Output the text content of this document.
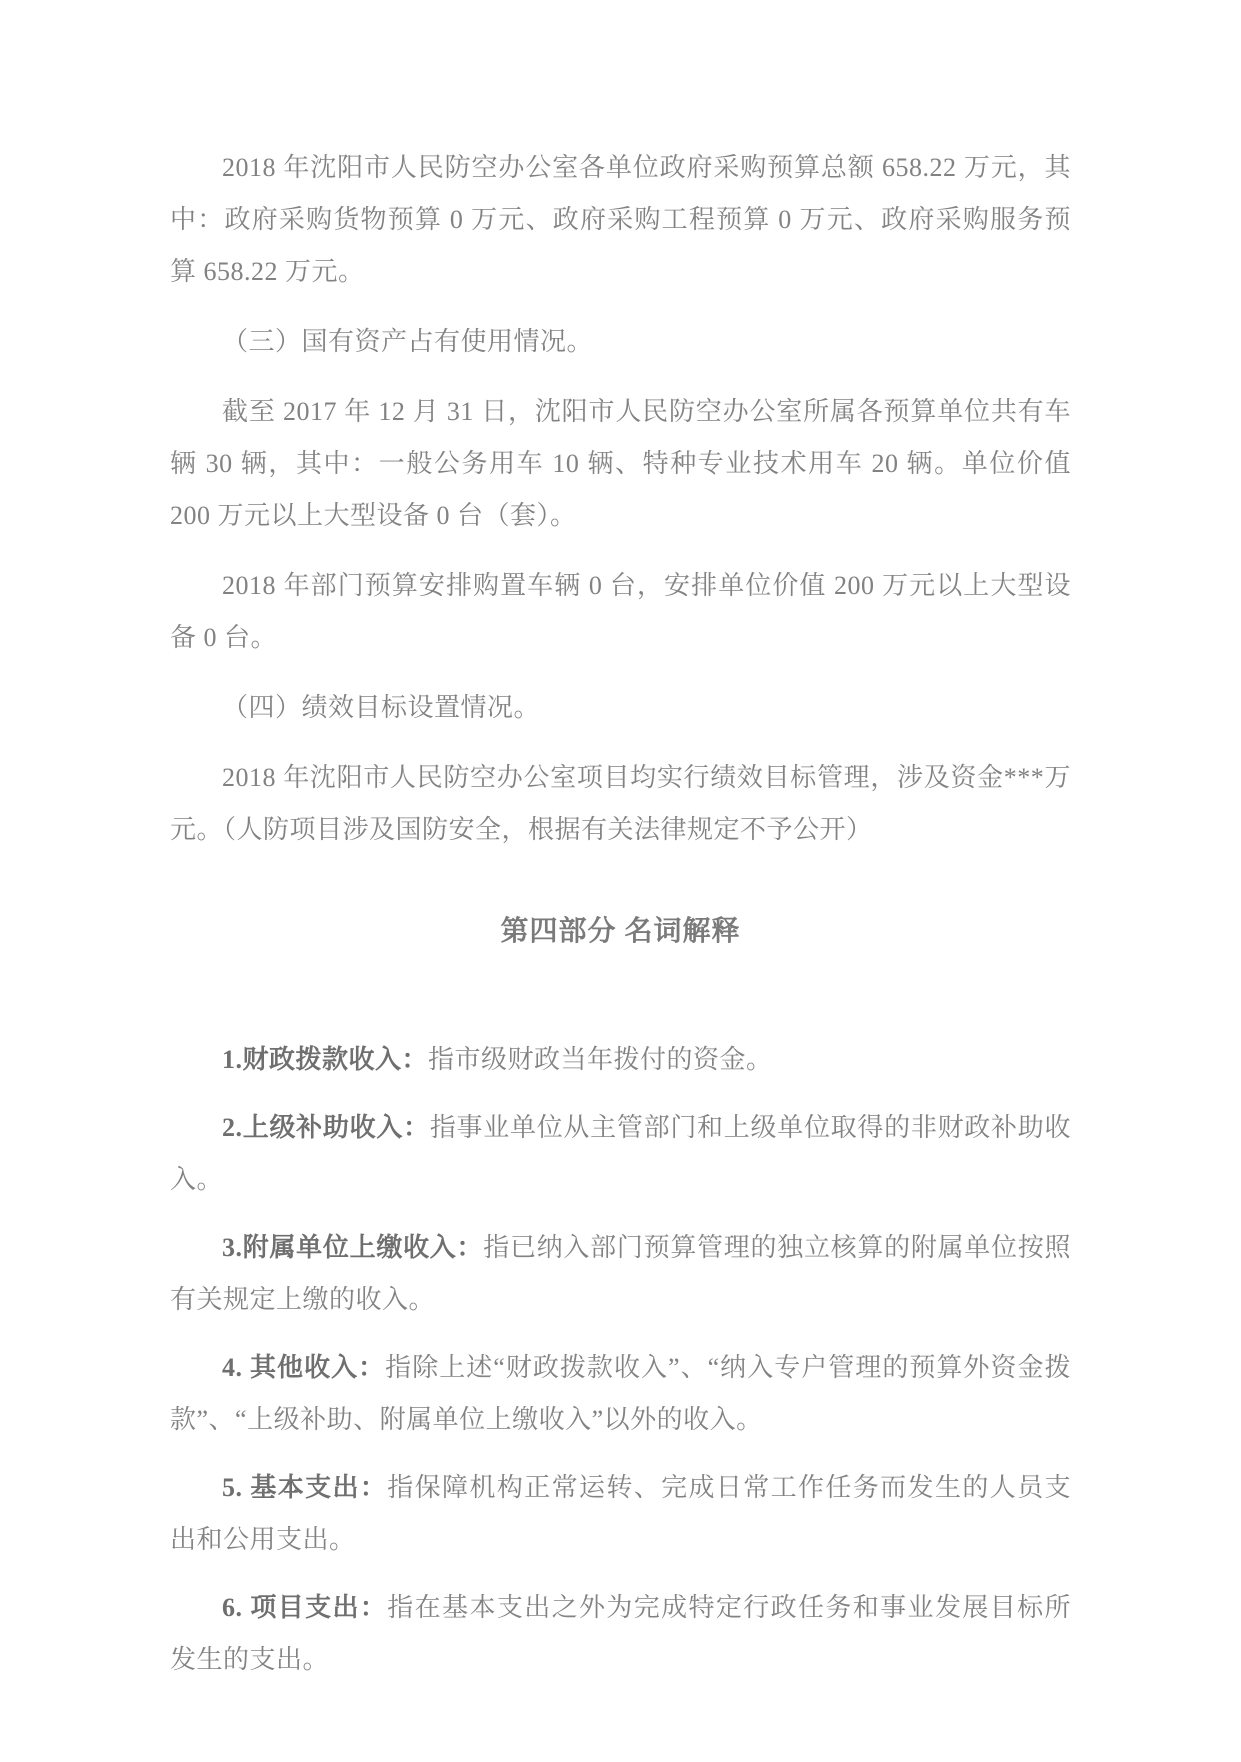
2018 年沈阳市人民防空办公室各单位政府采购预算总额 658.22 万元，其中：政府采购货物预算 0 万元、政府采购工程预算 0 万元、政府采购服务预算 658.22 万元。

（三）国有资产占有使用情况。

截至 2017 年 12 月 31 日，沈阳市人民防空办公室所属各预算单位共有车辆 30 辆，其中：一般公务用车 10 辆、特种专业技术用车 20 辆。单位价值 200 万元以上大型设备 0 台（套）。

2018 年部门预算安排购置车辆 0 台，安排单位价值 200 万元以上大型设备 0 台。

（四）绩效目标设置情况。

2018 年沈阳市人民防空办公室项目均实行绩效目标管理，涉及资金***万元。（人防项目涉及国防安全，根据有关法律规定不予公开）

第四部分 名词解释

1.财政拨款收入：指市级财政当年拨付的资金。

2.上级补助收入：指事业单位从主管部门和上级单位取得的非财政补助收入。

3.附属单位上缴收入：指已纳入部门预算管理的独立核算的附属单位按照有关规定上缴的收入。

4. 其他收入：指除上述“财政拨款收入”、“纳入专户管理的预算外资金拨款”、“上级补助、附属单位上缴收入”以外的收入。

5. 基本支出：指保障机构正常运转、完成日常工作任务而发生的人员支出和公用支出。

6. 项目支出：指在基本支出之外为完成特定行政任务和事业发展目标所发生的支出。
